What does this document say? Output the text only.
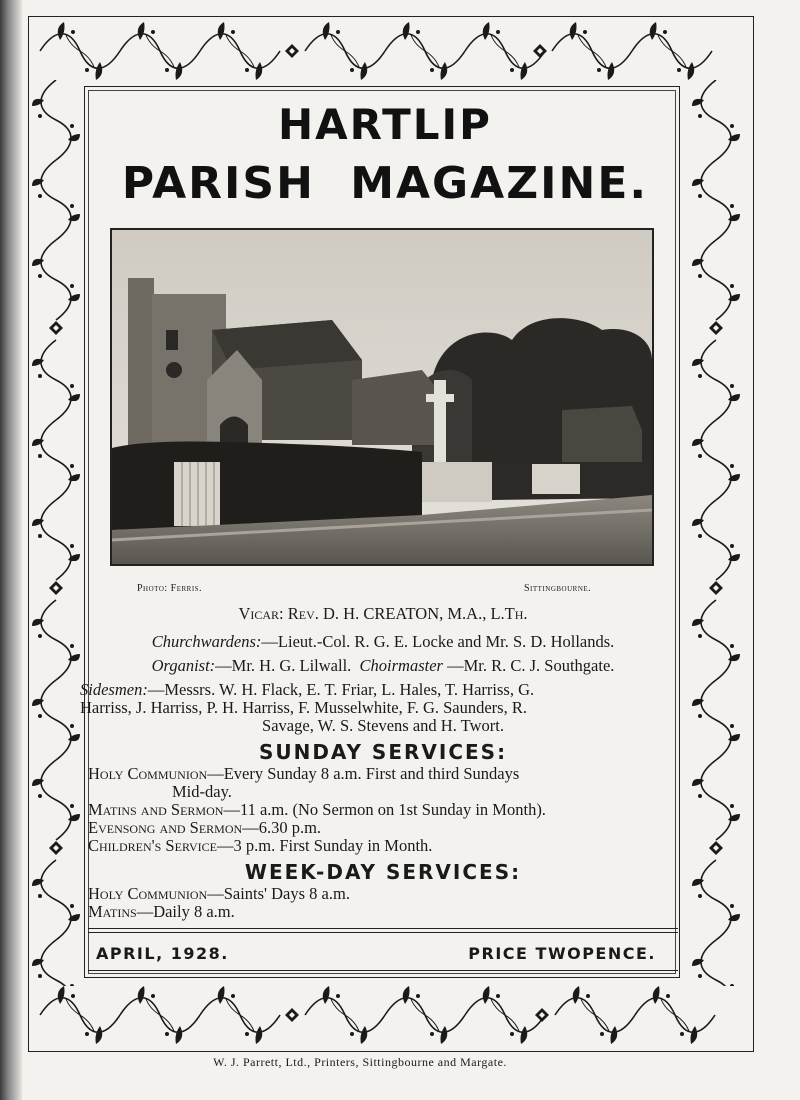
HARTLIP
PARISH MAGAZINE.
Photo: Ferris.	Sittingbourne.
Vicar: Rev. D. H. CREATON, M.A., L.Th.
Churchwardens:—Lieut.-Col. R. G. E. Locke and Mr. S. D. Hollands.
Organist:—Mr. H. G. Lilwall. Choirmaster —Mr. R. C. J. Southgate.
Sidesmen:—Messrs. W. H. Flack, E. T. Friar, L. Hales, T. Harriss, G.
Harriss, J. Harriss, P. H. Harriss, F. Musselwhite, F. G. Saunders, R.
Savage, W. S. Stevens and H. Twort.
SUNDAY SERVICES:
Holy Communion—Every Sunday 8 a.m. First and third Sundays
Mid-day.
Matins and Sermon—11 a.m. (No Sermon on 1st Sunday in Month).
Evensong and Sermon—6.30 p.m.
Children's Service—3 p.m. First Sunday in Month.
WEEK-DAY SERVICES:
Holy Communion—Saints' Days 8 a.m.
Matins—Daily 8 a.m.
APRIL, 1928.	PRICE TWOPENCE.
W. J. Parrett, Ltd., Printers, Sittingbourne and Margate.
